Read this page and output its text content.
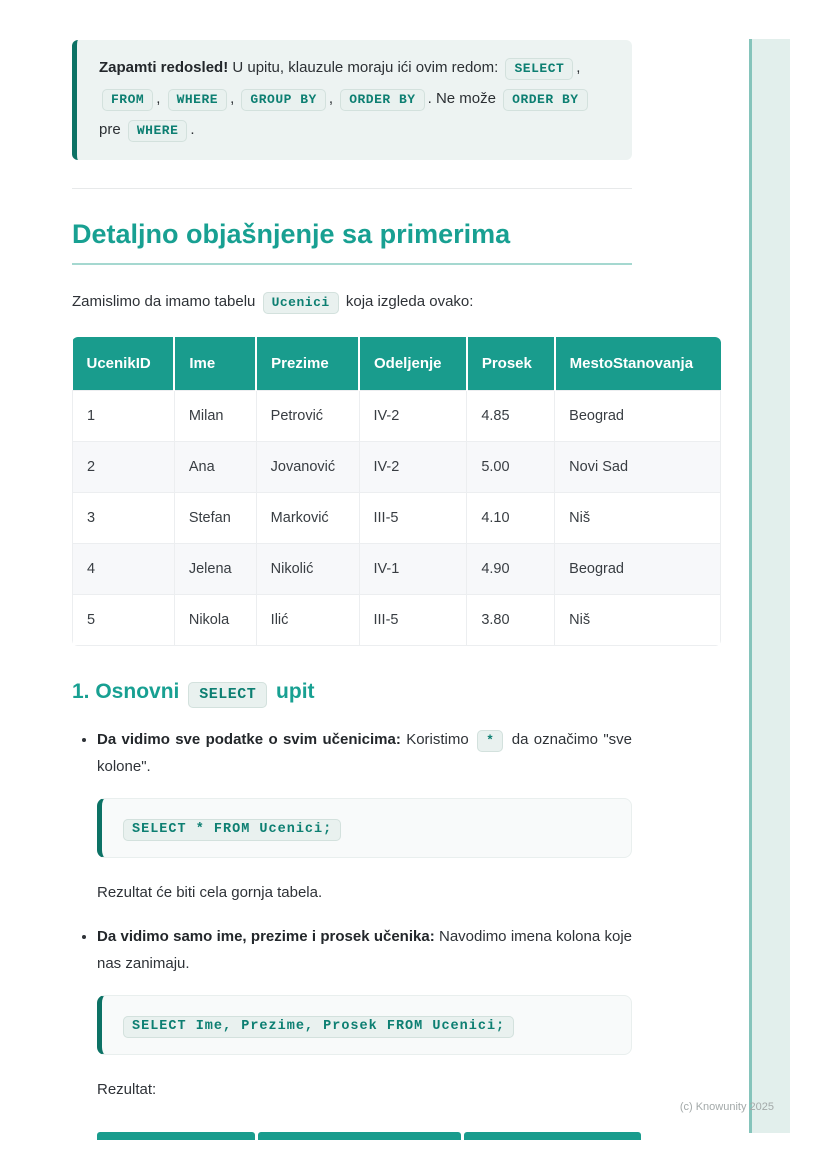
(c) Knowunity 2025
Zapamti redosled! U upitu, klauzule moraju ići ovim redom: SELECT , FROM , WHERE , GROUP BY , ORDER BY . Ne može ORDER BY pre WHERE .
Detaljno objašnjenje sa primerima

Zamislimo da imamo tabelu Ucenici koja izgleda ovako:

UcenikID	Ime	Prezime	Odeljenje	Prosek	MestoStanovanja
1	Milan	Petrović	IV-2	4.85	Beograd
2	Ana	Jovanović	IV-2	5.00	Novi Sad
3	Stefan	Marković	III-5	4.10	Niš
4	Jelena	Nikolić	IV-1	4.90	Beograd
5	Nikola	Ilić	III-5	3.80	Niš
1. Osnovni SELECT upit
• Da vidimo sve podatke o svim učenicima: Koristimo * da označimo "sve kolone".
SELECT * FROM Ucenici;

Rezultat će biti cela gornja tabela.

• Da vidimo samo ime, prezime i prosek učenika: Navodimo imena kolona koje nas zanimaju.
SELECT Ime, Prezime, Prosek FROM Ucenici;

Rezultat:
